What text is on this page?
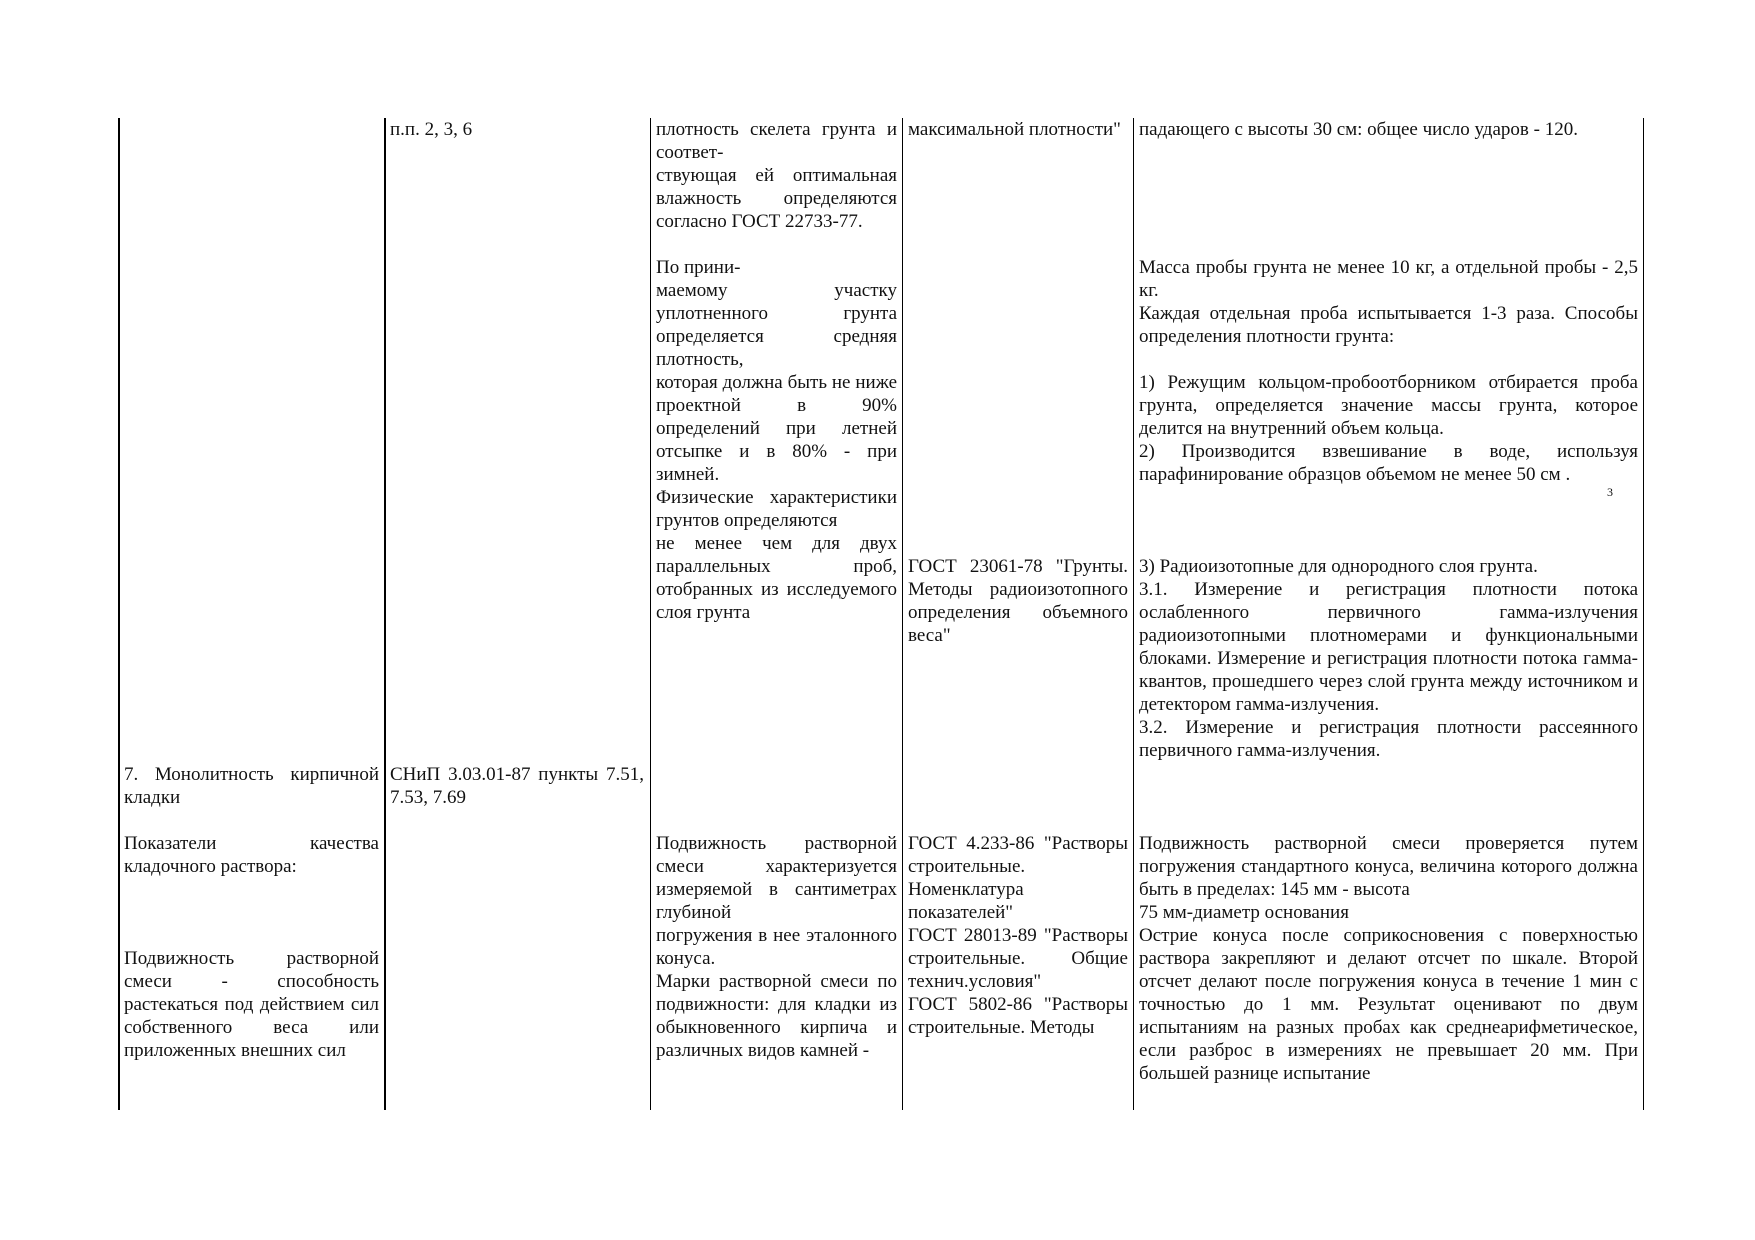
7. Монолитность кирпичной кладки
Показатели качества кладочного раствора:
Подвижность растворной смеси - способность растекаться под действием сил собственного веса или приложенных внешних сил
п.п. 2, 3, 6
СНиП 3.03.01-87 пункты 7.51, 7.53, 7.69
плотность скелета грунта и соответ-
ствующая ей оптимальная влажность определяются согласно ГОСТ 22733-77.
По прини-
маемому участку уплотненного грунта определяется средняя плотность,
которая должна быть не ниже проектной в 90% определений при летней отсыпке и в 80% - при зимней.
Физические характеристики грунтов определяются
не менее чем для двух параллельных проб, отобранных из исследуемого слоя грунта
Подвижность растворной смеси характеризуется измеряемой в сантиметрах глубиной
погружения в нее эталонного конуса.
Марки растворной смеси по подвижности: для кладки из обыкновенного кирпича и различных видов камней -
максимальной плотности"
ГОСТ 23061-78 "Грунты. Методы радиоизотопного определения объемного веса"
ГОСТ 4.233-86 "Растворы строительные. Номенклатура показателей"
ГОСТ 28013-89 "Растворы строительные. Общие технич.условия"
ГОСТ 5802-86 "Растворы строительные. Методы
падающего с высоты 30 см: общее число ударов - 120.
Масса пробы грунта не менее 10 кг, а отдельной пробы - 2,5 кг.
Каждая отдельная проба испытывается 1-3 раза. Способы определения плотности грунта:

1) Режущим кольцом-пробоотборником отбирается проба грунта, определяется значение массы грунта, которое делится на внутренний объем кольца.
2) Производится взвешивание в воде, используя парафинирование образцов объемом не менее 50 см .
3
3) Радиоизотопные для однородного слоя грунта.
3.1. Измерение и регистрация плотности потока ослабленного первичного гамма-излучения радиоизотопными плотномерами и функциональными блоками. Измерение и регистрация плотности потока гамма-квантов, прошедшего через слой грунта между источником и детектором гамма-излучения.
3.2. Измерение и регистрация плотности рассеянного первичного гамма-излучения.
Подвижность растворной смеси проверяется путем погружения стандартного конуса, величина которого должна быть в пределах: 145 мм - высота
75 мм-диаметр основания
Острие конуса после соприкосновения с поверхностью раствора закрепляют и делают отсчет по шкале. Второй отсчет делают после погружения конуса в течение 1 мин с точностью до 1 мм. Результат оценивают по двум испытаниям на разных пробах как среднеарифметическое, если разброс в измерениях не превышает 20 мм. При большей разнице испытание
